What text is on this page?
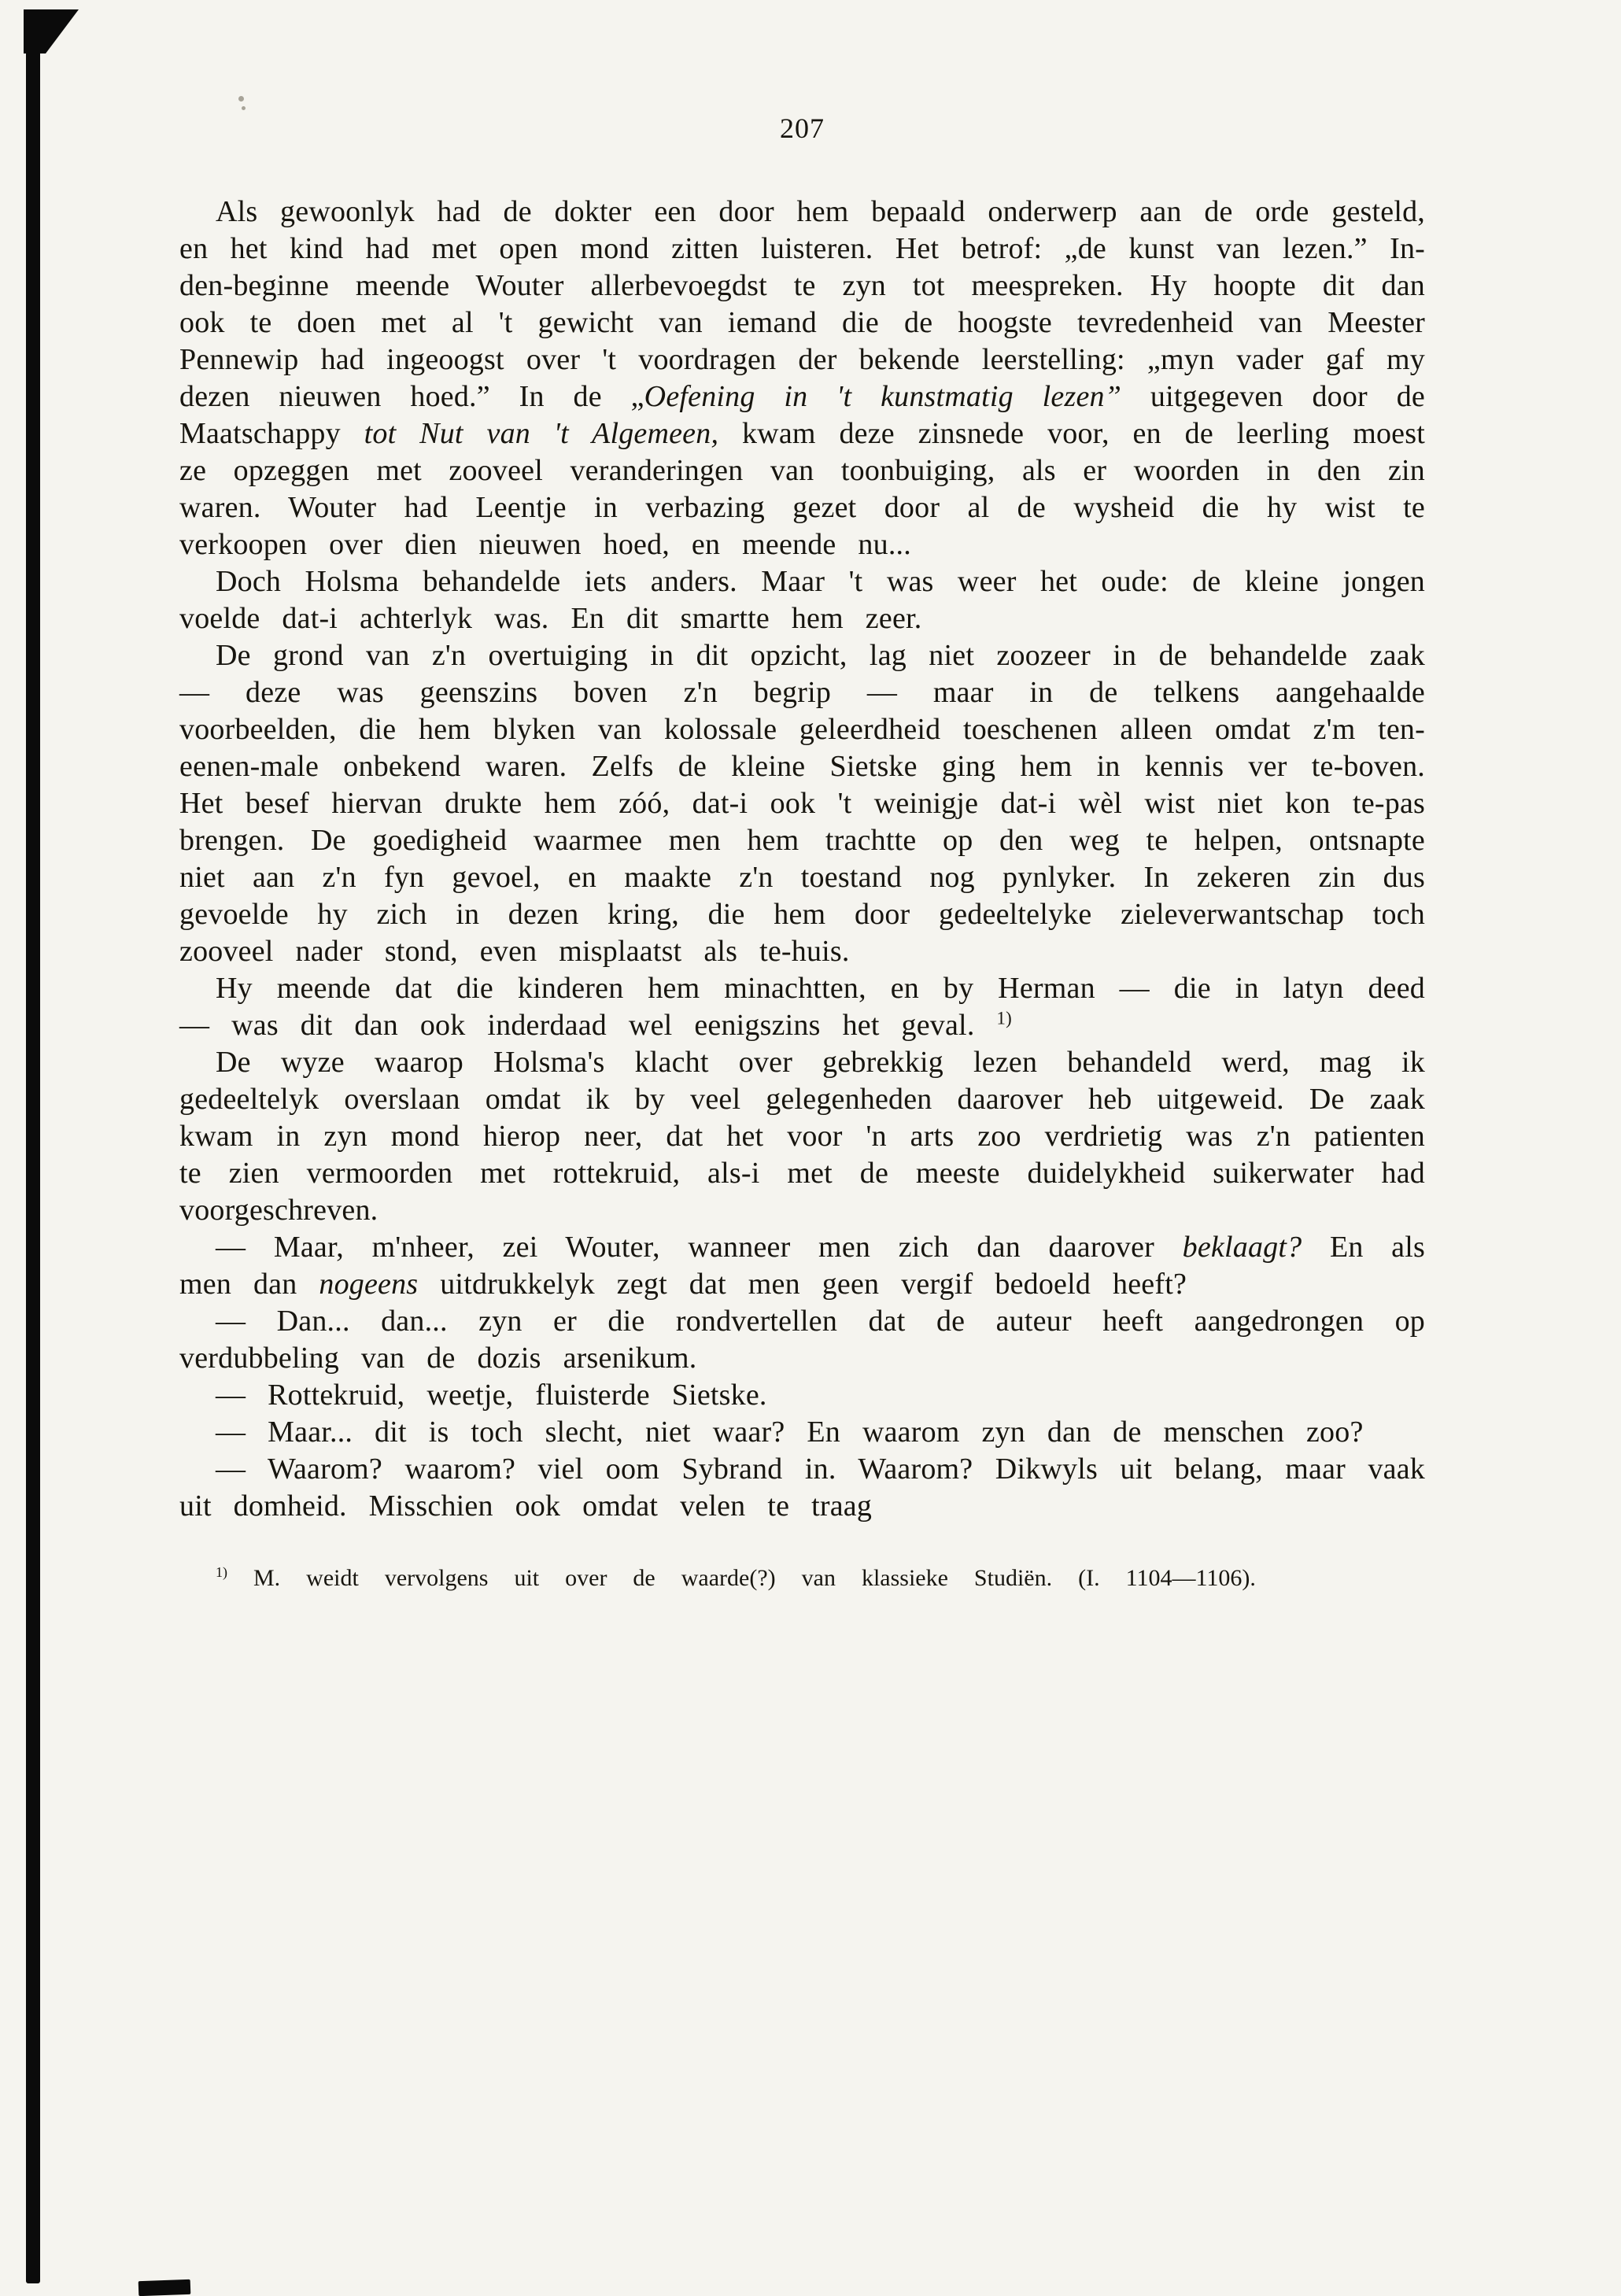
207

Als gewoonlyk had de dokter een door hem bepaald onderwerp aan de orde gesteld, en het kind had met open mond zitten luisteren. Het betrof: „de kunst van lezen.” In-den-beginne meende Wouter allerbevoegdst te zyn tot meespreken. Hy hoopte dit dan ook te doen met al 't gewicht van iemand die de hoogste tevredenheid van Meester Pennewip had ingeoogst over 't voordragen der bekende leerstelling: „myn vader gaf my dezen nieuwen hoed.” In de „Oefening in 't kunstmatig lezen” uitgegeven door de Maatschappy tot Nut van 't Algemeen, kwam deze zinsnede voor, en de leerling moest ze opzeggen met zooveel veranderingen van toonbuiging, als er woorden in den zin waren. Wouter had Leentje in verbazing gezet door al de wysheid die hy wist te verkoopen over dien nieuwen hoed, en meende nu...

Doch Holsma behandelde iets anders. Maar 't was weer het oude: de kleine jongen voelde dat-i achterlyk was. En dit smartte hem zeer.

De grond van z'n overtuiging in dit opzicht, lag niet zoozeer in de behandelde zaak — deze was geenszins boven z'n begrip — maar in de telkens aangehaalde voorbeelden, die hem blyken van kolossale geleerdheid toeschenen alleen omdat z'm ten-eenen-male onbekend waren. Zelfs de kleine Sietske ging hem in kennis ver te-boven. Het besef hiervan drukte hem zóó, dat-i ook 't weinigje dat-i wèl wist niet kon te-pas brengen. De goedigheid waarmee men hem trachtte op den weg te helpen, ontsnapte niet aan z'n fyn gevoel, en maakte z'n toestand nog pynlyker. In zekeren zin dus gevoelde hy zich in dezen kring, die hem door gedeeltelyke zieleverwantschap toch zooveel nader stond, even misplaatst als te-huis.

Hy meende dat die kinderen hem minachtten, en by Herman — die in latyn deed — was dit dan ook inderdaad wel eenigszins het geval. $^{1)}$

De wyze waarop Holsma's klacht over gebrekkig lezen behandeld werd, mag ik gedeeltelyk overslaan omdat ik by veel gelegenheden daarover heb uitgeweid. De zaak kwam in zyn mond hierop neer, dat het voor 'n arts zoo verdrietig was z'n patienten te zien vermoorden met rottekruid, als-i met de meeste duidelykheid suikerwater had voorgeschreven.

— Maar, m'nheer, zei Wouter, wanneer men zich dan daarover beklaagt? En als men dan nogeens uitdrukkelyk zegt dat men geen vergif bedoeld heeft?

— Dan... dan... zyn er die rondvertellen dat de auteur heeft aangedrongen op verdubbeling van de dozis arsenikum.

— Rottekruid, weetje, fluisterde Sietske.

— Maar... dit is toch slecht, niet waar? En waarom zyn dan de menschen zoo?

— Waarom? waarom? viel oom Sybrand in. Waarom? Dikwyls uit belang, maar vaak uit domheid. Misschien ook omdat velen te traag

$^{1)}$ M. weidt vervolgens uit over de waarde(?) van klassieke Studiën. (I. 1104—1106).
